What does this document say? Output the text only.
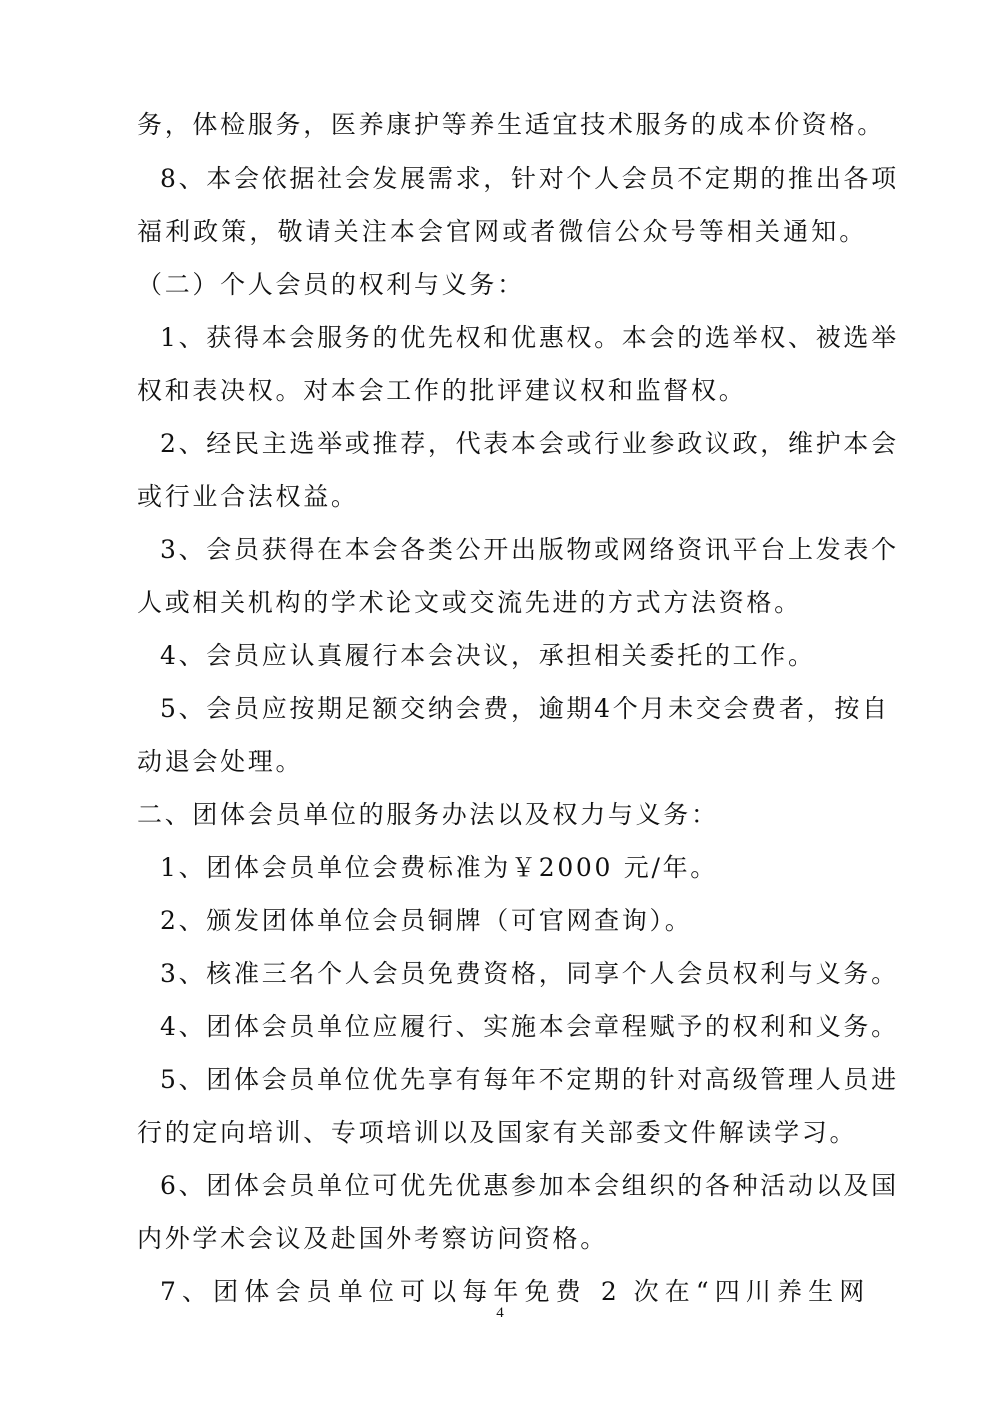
务，体检服务，医养康护等养生适宜技术服务的成本价资格。
8、本会依据社会发展需求，针对个人会员不定期的推出各项
福利政策，敬请关注本会官网或者微信公众号等相关通知。
（二）个人会员的权利与义务：
1、获得本会服务的优先权和优惠权。本会的选举权、被选举
权和表决权。对本会工作的批评建议权和监督权。
2、经民主选举或推荐，代表本会或行业参政议政，维护本会
或行业合法权益。
3、会员获得在本会各类公开出版物或网络资讯平台上发表个
人或相关机构的学术论文或交流先进的方式方法资格。
4、会员应认真履行本会决议，承担相关委托的工作。
5、会员应按期足额交纳会费，逾期4个月未交会费者，按自
动退会处理。
二、团体会员单位的服务办法以及权力与义务：
1、团体会员单位会费标准为￥2000 元/年。
2、颁发团体单位会员铜牌（可官网查询）。
3、核准三名个人会员免费资格，同享个人会员权利与义务。
4、团体会员单位应履行、实施本会章程赋予的权利和义务。
5、团体会员单位优先享有每年不定期的针对高级管理人员进
行的定向培训、专项培训以及国家有关部委文件解读学习。
6、团体会员单位可优先优惠参加本会组织的各种活动以及国
内外学术会议及赴国外考察访问资格。
7、团体会员单位可以每年免费 2 次在“四川养生网
4
